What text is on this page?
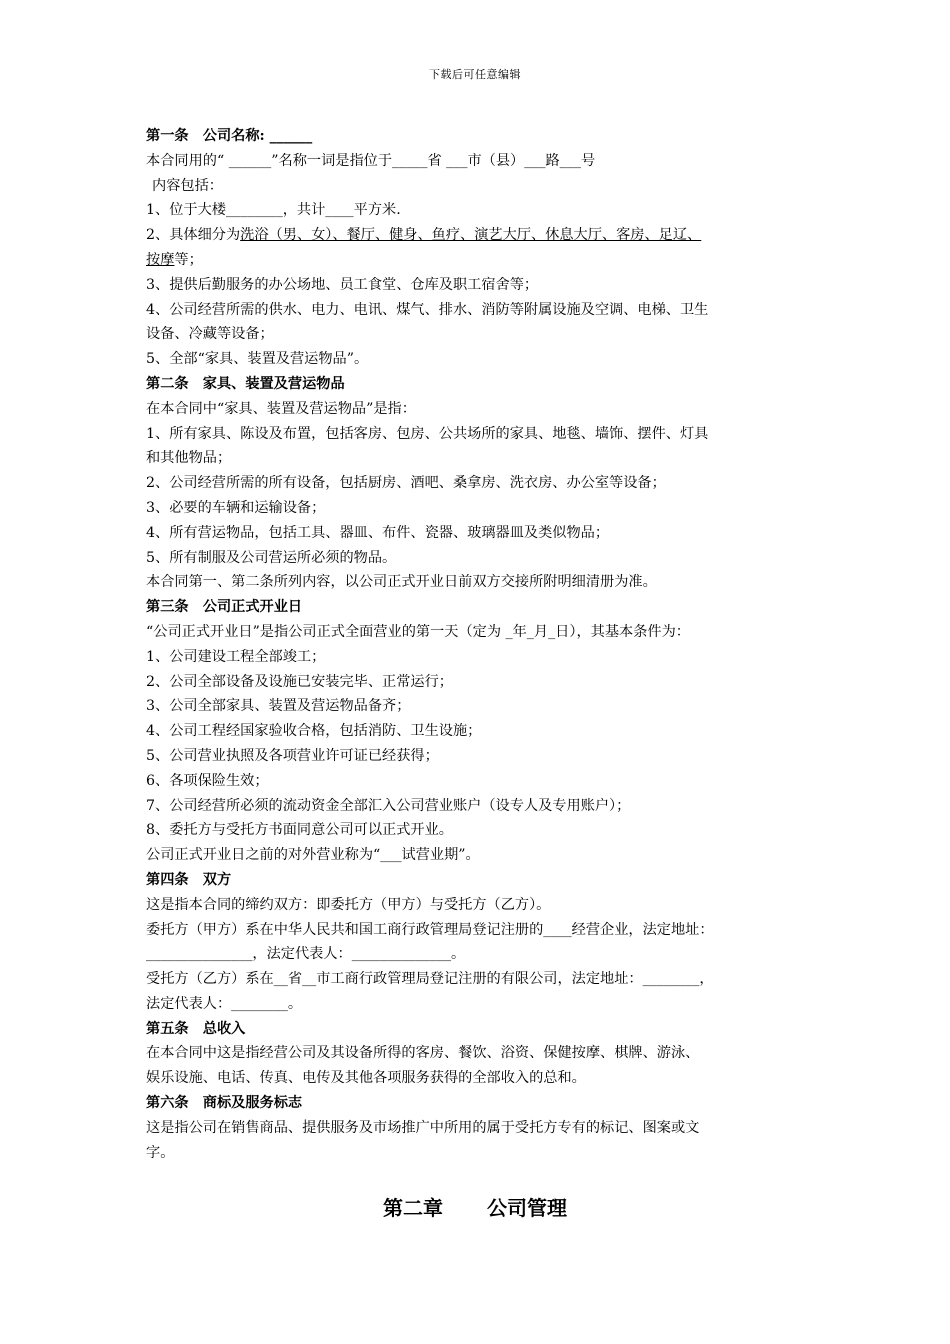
下载后可任意编辑
第一条　公司名称: ______
本合同用的“ ______”名称一词是指位于_____省 ___市（县）___路___号
内容包括：
1、位于大楼________，共计____平方米.
2、具体细分为洗浴（男、女）、餐厅、健身、鱼疗、演艺大厅、休息大厅、客房、足辽、
按摩等；
3、提供后勤服务的办公场地、员工食堂、仓库及职工宿舍等；
4、公司经营所需的供水、电力、电讯、煤气、排水、消防等附属设施及空调、电梯、卫生
设备、冷藏等设备；
5、全部“家具、装置及营运物品”。
第二条　家具、装置及营运物品
在本合同中“家具、装置及营运物品”是指：
1、所有家具、陈设及布置，包括客房、包房、公共场所的家具、地毯、墙饰、摆件、灯具
和其他物品；
2、公司经营所需的所有设备，包括厨房、酒吧、桑拿房、洗衣房、办公室等设备；
3、必要的车辆和运输设备；
4、所有营运物品，包括工具、器皿、布件、瓷器、玻璃器皿及类似物品；
5、所有制服及公司营运所必须的物品。
本合同第一、第二条所列内容，以公司正式开业日前双方交接所附明细清册为准。
第三条　公司正式开业日
“公司正式开业日”是指公司正式全面营业的第一天（定为 _年_月_日），其基本条件为：
1、公司建设工程全部竣工；
2、公司全部设备及设施已安装完毕、正常运行；
3、公司全部家具、装置及营运物品备齐；
4、公司工程经国家验收合格，包括消防、卫生设施；
5、公司营业执照及各项营业许可证已经获得；
6、各项保险生效；
7、公司经营所必须的流动资金全部汇入公司营业账户（设专人及专用账户）；
8、委托方与受托方书面同意公司可以正式开业。
公司正式开业日之前的对外营业称为“___试营业期”。
第四条　双方
这是指本合同的缔约双方：即委托方（甲方）与受托方（乙方）。
委托方（甲方）系在中华人民共和国工商行政管理局登记注册的____经营企业，法定地址：
_______________，法定代表人：______________。
受托方（乙方）系在__省__市工商行政管理局登记注册的有限公司，法定地址：________，
法定代表人：________。
第五条　总收入
在本合同中这是指经营公司及其设备所得的客房、餐饮、浴资、保健按摩、棋牌、游泳、
娱乐设施、电话、传真、电传及其他各项服务获得的全部收入的总和。
第六条　商标及服务标志
这是指公司在销售商品、提供服务及市场推广中所用的属于受托方专有的标记、图案或文
字。
第二章 公司管理
